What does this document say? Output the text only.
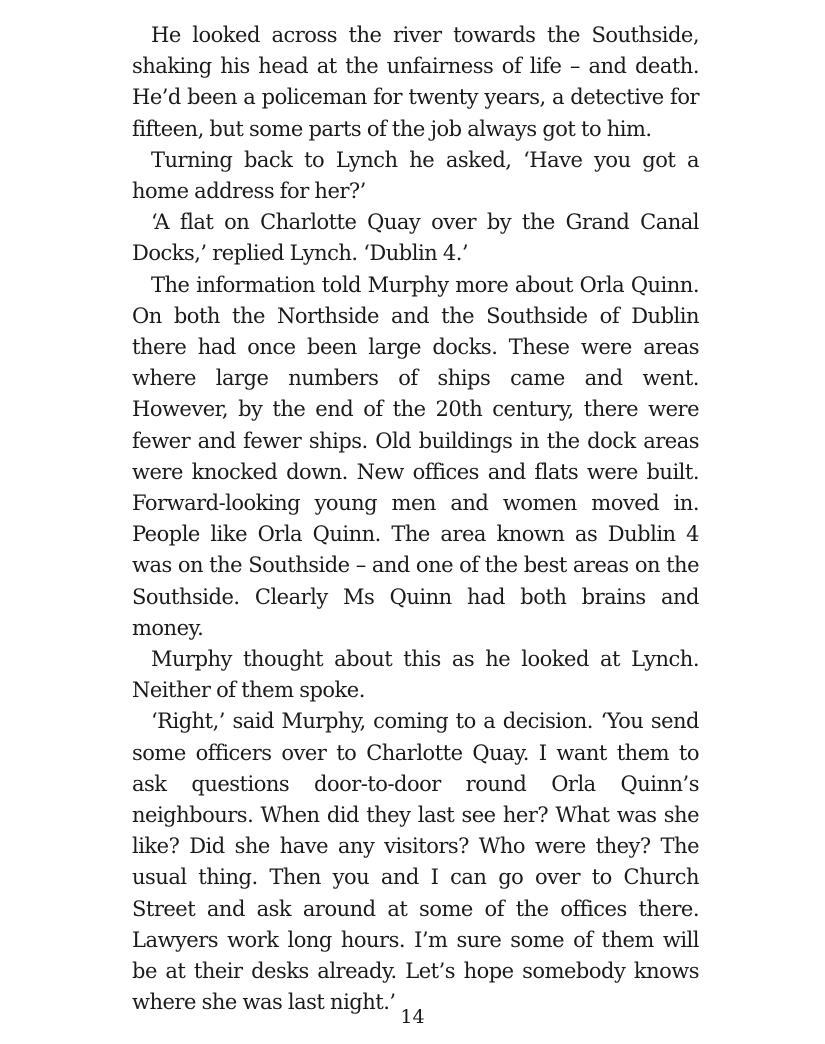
He looked across the river towards the Southside, shaking his head at the unfairness of life – and death. He’d been a policeman for twenty years, a detective for fifteen, but some parts of the job always got to him.

Turning back to Lynch he asked, ‘Have you got a home address for her?’

‘A flat on Charlotte Quay over by the Grand Canal Docks,’ replied Lynch. ‘Dublin 4.’

The information told Murphy more about Orla Quinn. On both the Northside and the Southside of Dublin there had once been large docks. These were areas where large numbers of ships came and went. However, by the end of the 20th century, there were fewer and fewer ships. Old buildings in the dock areas were knocked down. New offices and flats were built. Forward-looking young men and women moved in. People like Orla Quinn. The area known as Dublin 4 was on the Southside – and one of the best areas on the Southside. Clearly Ms Quinn had both brains and money.

Murphy thought about this as he looked at Lynch. Neither of them spoke.

‘Right,’ said Murphy, coming to a decision. ‘You send some officers over to Charlotte Quay. I want them to ask questions door-to-door round Orla Quinn’s neighbours. When did they last see her? What was she like? Did she have any visitors? Who were they? The usual thing. Then you and I can go over to Church Street and ask around at some of the offices there. Lawyers work long hours. I’m sure some of them will be at their desks already. Let’s hope somebody knows where she was last night.’

14
